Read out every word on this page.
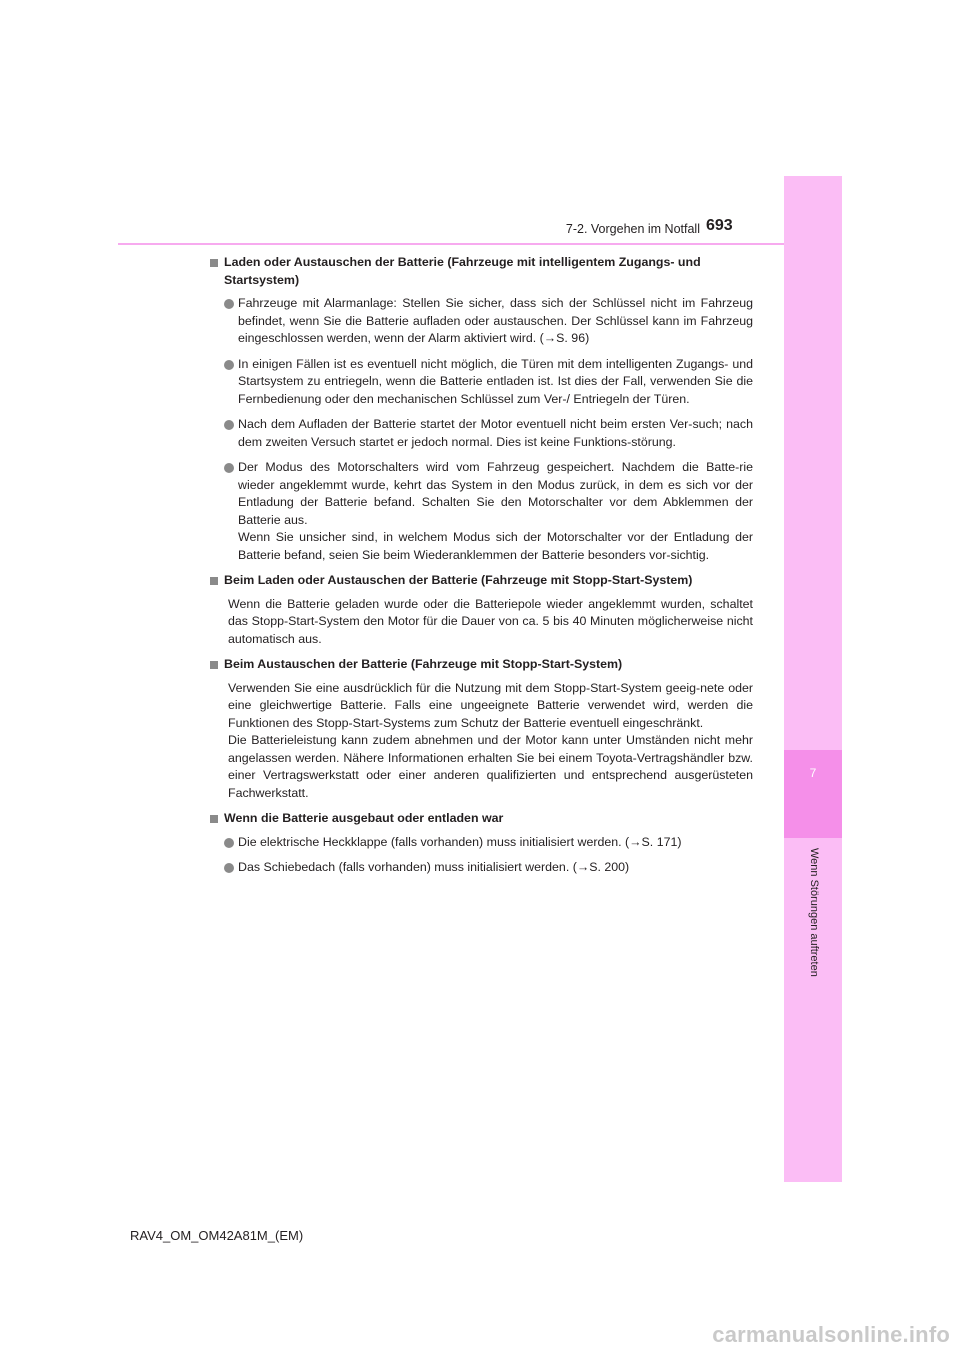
7
Wenn Störungen auftreten
7-2. Vorgehen im Notfall 693
Laden oder Austauschen der Batterie (Fahrzeuge mit intelligentem Zugangs- und Startsystem)
Fahrzeuge mit Alarmanlage: Stellen Sie sicher, dass sich der Schlüssel nicht im Fahrzeug befindet, wenn Sie die Batterie aufladen oder austauschen. Der Schlüssel kann im Fahrzeug eingeschlossen werden, wenn der Alarm aktiviert wird. (→S. 96)
In einigen Fällen ist es eventuell nicht möglich, die Türen mit dem intelligenten Zugangs- und Startsystem zu entriegeln, wenn die Batterie entladen ist. Ist dies der Fall, verwenden Sie die Fernbedienung oder den mechanischen Schlüssel zum Ver-/ Entriegeln der Türen.
Nach dem Aufladen der Batterie startet der Motor eventuell nicht beim ersten Ver-such; nach dem zweiten Versuch startet er jedoch normal. Dies ist keine Funktions-störung.
Der Modus des Motorschalters wird vom Fahrzeug gespeichert. Nachdem die Batte-rie wieder angeklemmt wurde, kehrt das System in den Modus zurück, in dem es sich vor der Entladung der Batterie befand. Schalten Sie den Motorschalter vor dem Abklemmen der Batterie aus.
Wenn Sie unsicher sind, in welchem Modus sich der Motorschalter vor der Entladung der Batterie befand, seien Sie beim Wiederanklemmen der Batterie besonders vor-sichtig.
Beim Laden oder Austauschen der Batterie (Fahrzeuge mit Stopp-Start-System)
Wenn die Batterie geladen wurde oder die Batteriepole wieder angeklemmt wurden, schaltet das Stopp-Start-System den Motor für die Dauer von ca. 5 bis 40 Minuten möglicherweise nicht automatisch aus.
Beim Austauschen der Batterie (Fahrzeuge mit Stopp-Start-System)
Verwenden Sie eine ausdrücklich für die Nutzung mit dem Stopp-Start-System geeig-nete oder eine gleichwertige Batterie. Falls eine ungeeignete Batterie verwendet wird, werden die Funktionen des Stopp-Start-Systems zum Schutz der Batterie eventuell eingeschränkt.
Die Batterieleistung kann zudem abnehmen und der Motor kann unter Umständen nicht mehr angelassen werden. Nähere Informationen erhalten Sie bei einem Toyota-Vertragshändler bzw. einer Vertragswerkstatt oder einer anderen qualifizierten und entsprechend ausgerüsteten Fachwerkstatt.
Wenn die Batterie ausgebaut oder entladen war
Die elektrische Heckklappe (falls vorhanden) muss initialisiert werden. (→S. 171)
Das Schiebedach (falls vorhanden) muss initialisiert werden. (→S. 200)
RAV4_OM_OM42A81M_(EM)
carmanualsonline.info
